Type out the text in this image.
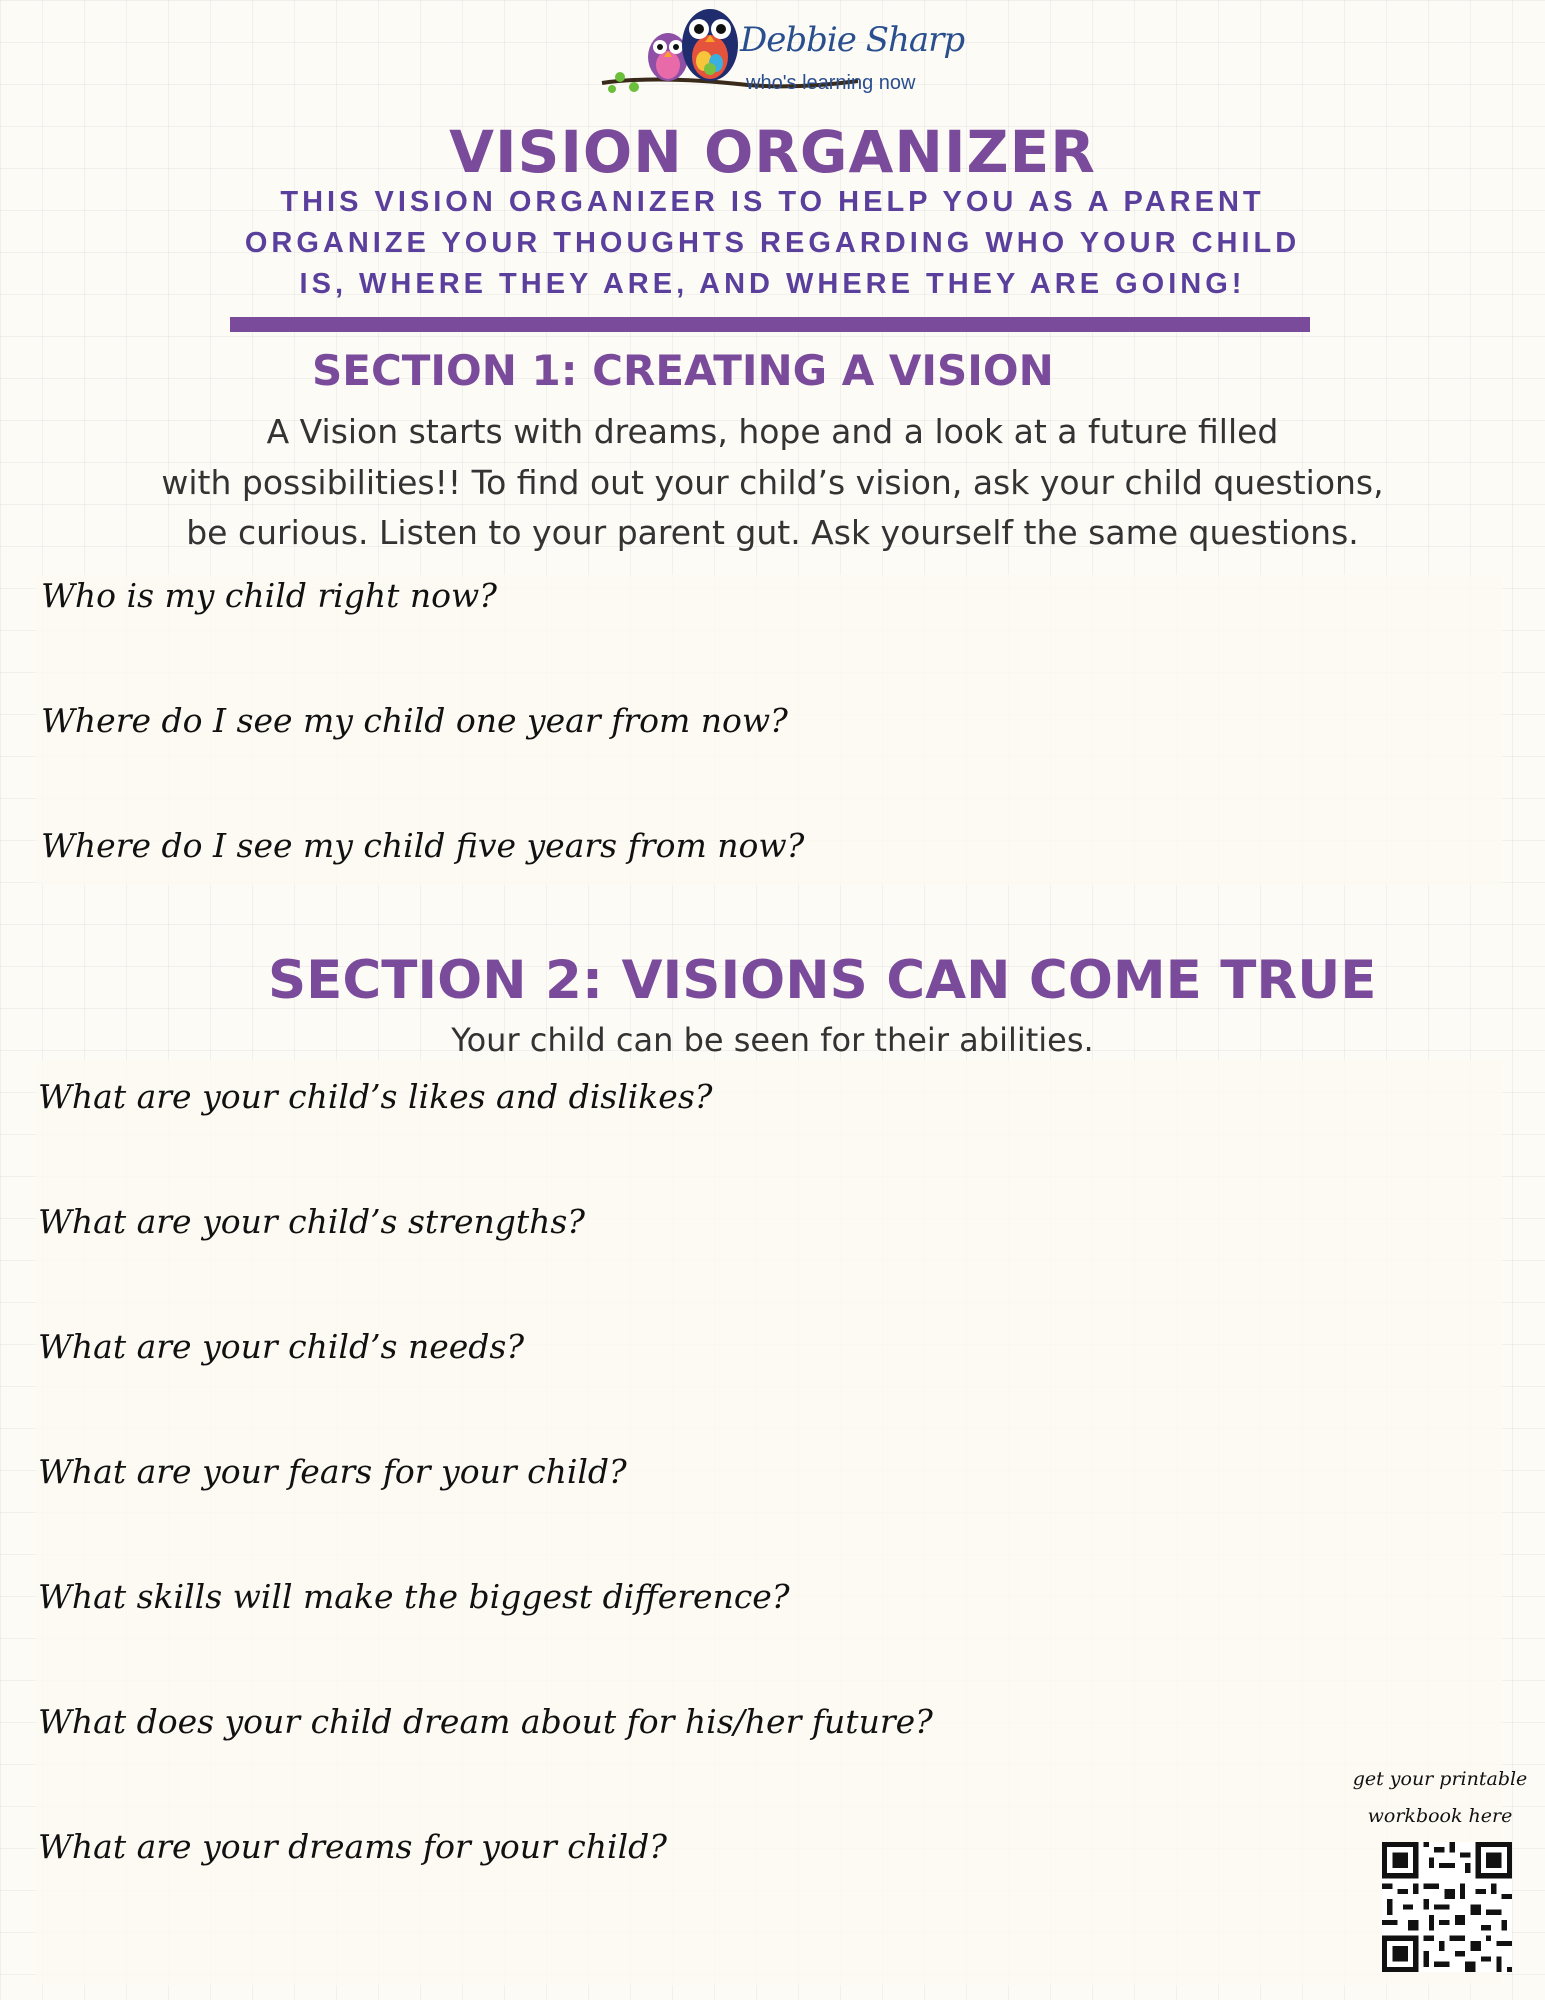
Debbie Sharp
who's learning now
VISION ORGANIZER
THIS VISION ORGANIZER IS TO HELP YOU AS A PARENT
ORGANIZE YOUR THOUGHTS REGARDING WHO YOUR CHILD
IS, WHERE THEY ARE, AND WHERE THEY ARE GOING!
SECTION 1: CREATING A VISION
A Vision starts with dreams, hope and a look at a future filled
with possibilities!! To find out your child’s vision, ask your child questions,
be curious. Listen to your parent gut. Ask yourself the same questions.
Who is my child right now?
Where do I see my child one year from now?
Where do I see my child five years from now?
SECTION 2: VISIONS CAN COME TRUE
Your child can be seen for their abilities.
What are your child’s likes and dislikes?
What are your child’s strengths?
What are your child’s needs?
What are your fears for your child?
What skills will make the biggest difference?
What does your child dream about for his/her future?
What are your dreams for your child?
get your printable
workbook here
